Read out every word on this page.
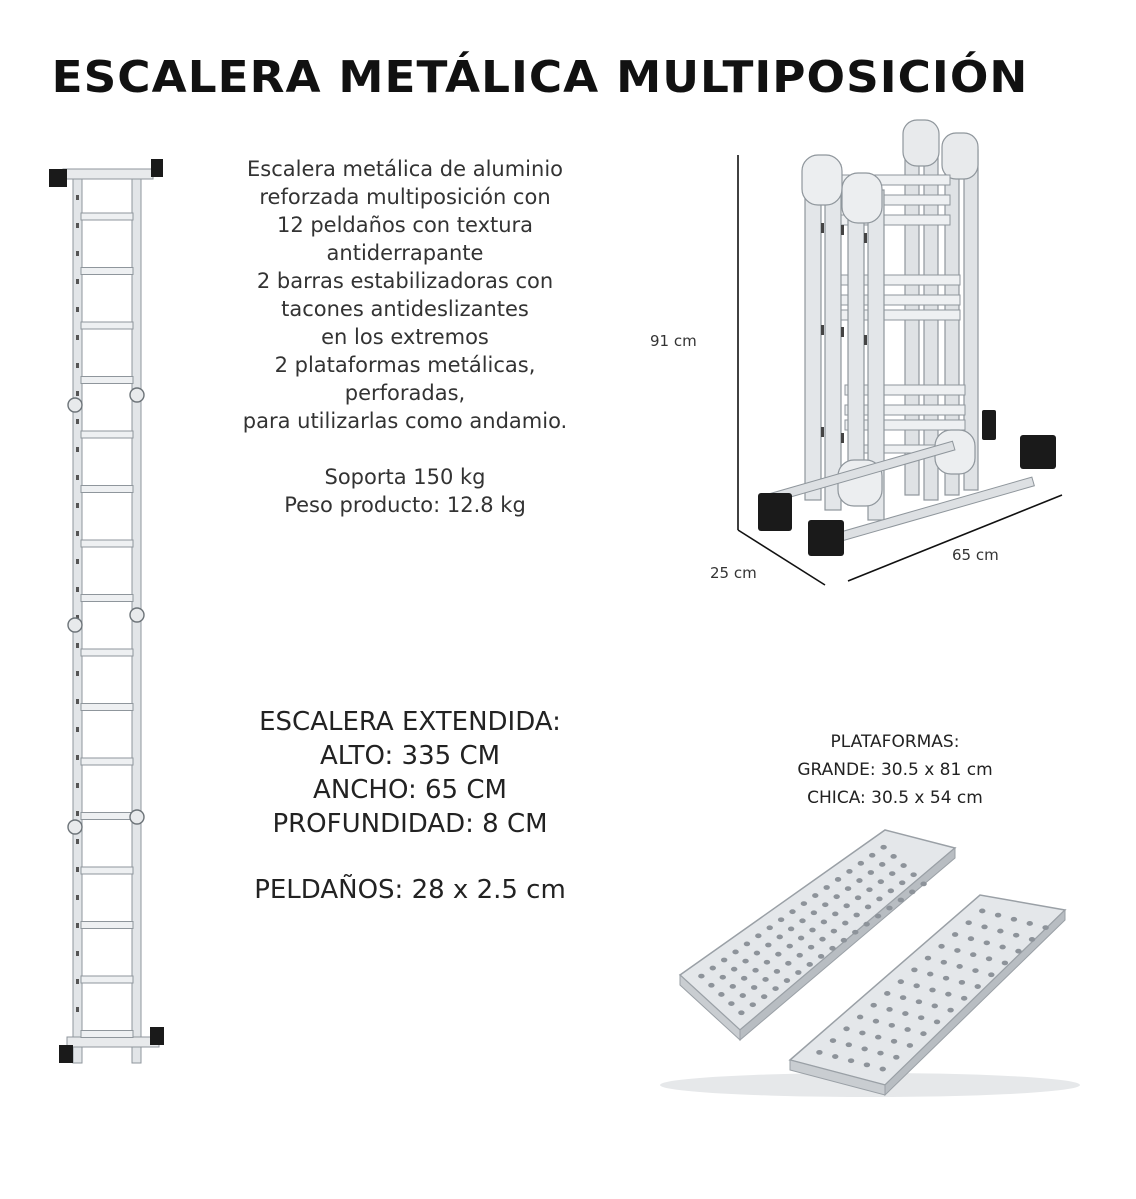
ESCALERA METÁLICA MULTIPOSICIÓN
Escalera metálica de aluminio
reforzada multiposición con
12 peldaños con textura
antiderrapante
2 barras estabilizadoras con
tacones antideslizantes
en los extremos
2 plataformas metálicas,
perforadas,
para utilizarlas como andamio.
Soporta 150 kg
Peso producto: 12.8 kg
91 cm
25 cm
65 cm
ESCALERA EXTENDIDA:
ALTO: 335 CM
ANCHO: 65 CM
PROFUNDIDAD: 8 CM
PELDAÑOS: 28 x 2.5 cm
PLATAFORMAS:
GRANDE: 30.5 x 81 cm
CHICA: 30.5 x 54 cm
